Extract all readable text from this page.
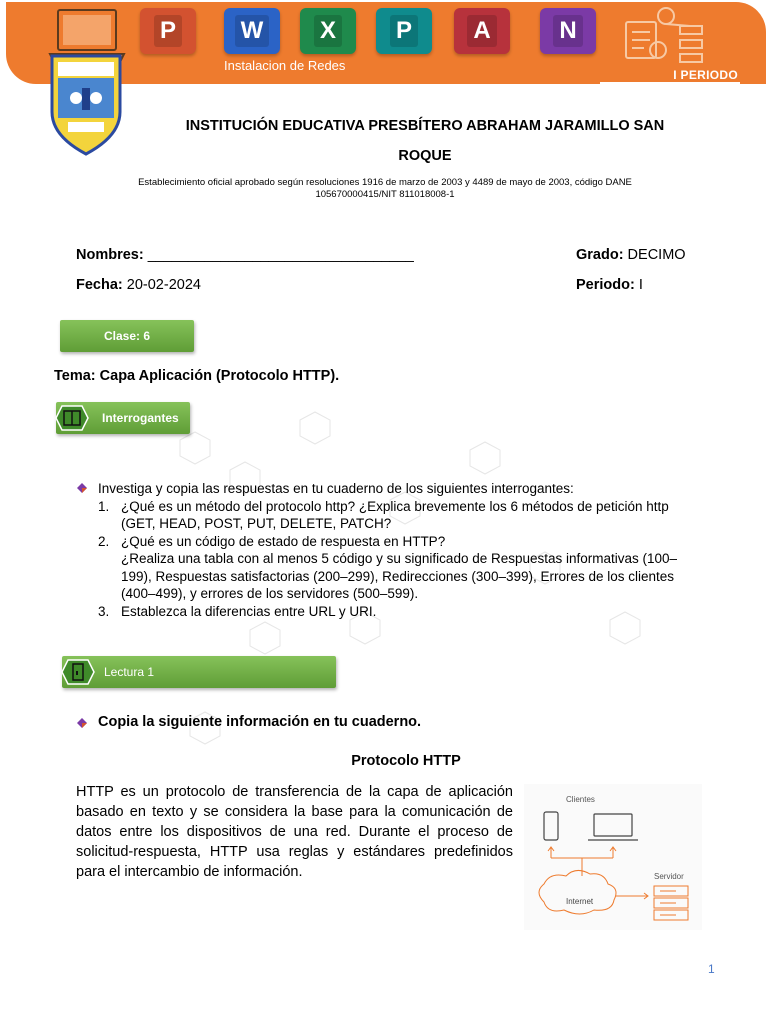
P	W X P	A	N
Instalacion de Redes
I PERIODO
INSTITUCIÓN EDUCATIVA PRESBÍTERO ABRAHAM JARAMILLO SAN
ROQUE
Establecimiento oficial aprobado según resoluciones 1916 de marzo de 2003 y 4489 de mayo de 2003, código DANE
105670000415/NIT 811018008-1
Nombres: _________________________________	Grado: DECIMO
Fecha: 20-02-2024	Periodo: I
Clase: 6
Tema: Capa Aplicación (Protocolo HTTP).
Interrogantes
Investiga y copia las respuestas en tu cuaderno de los siguientes interrogantes:
1. ¿Qué es un método del protocolo http? ¿Explica brevemente los 6 métodos de petición http (GET, HEAD, POST, PUT, DELETE, PATCH?
2. ¿Qué es un código de estado de respuesta en HTTP?
¿Realiza una tabla con al menos 5 código y su significado de Respuestas informativas (100–199), Respuestas satisfactorias (200–299), Redirecciones (300–399), Errores de los clientes (400–499), y errores de los servidores (500–599).
3. Establezca la diferencias entre URL y URI.
Lectura 1
Copia la siguiente información en tu cuaderno.
Protocolo HTTP
HTTP es un protocolo de transferencia de la capa de aplicación basado en texto y se considera la base para la comunicación de datos entre los dispositivos de una red. Durante el proceso de solicitud-respuesta, HTTP usa reglas y estándares predefinidos para el intercambio de información.
Clientes
Internet
Servidor
1
